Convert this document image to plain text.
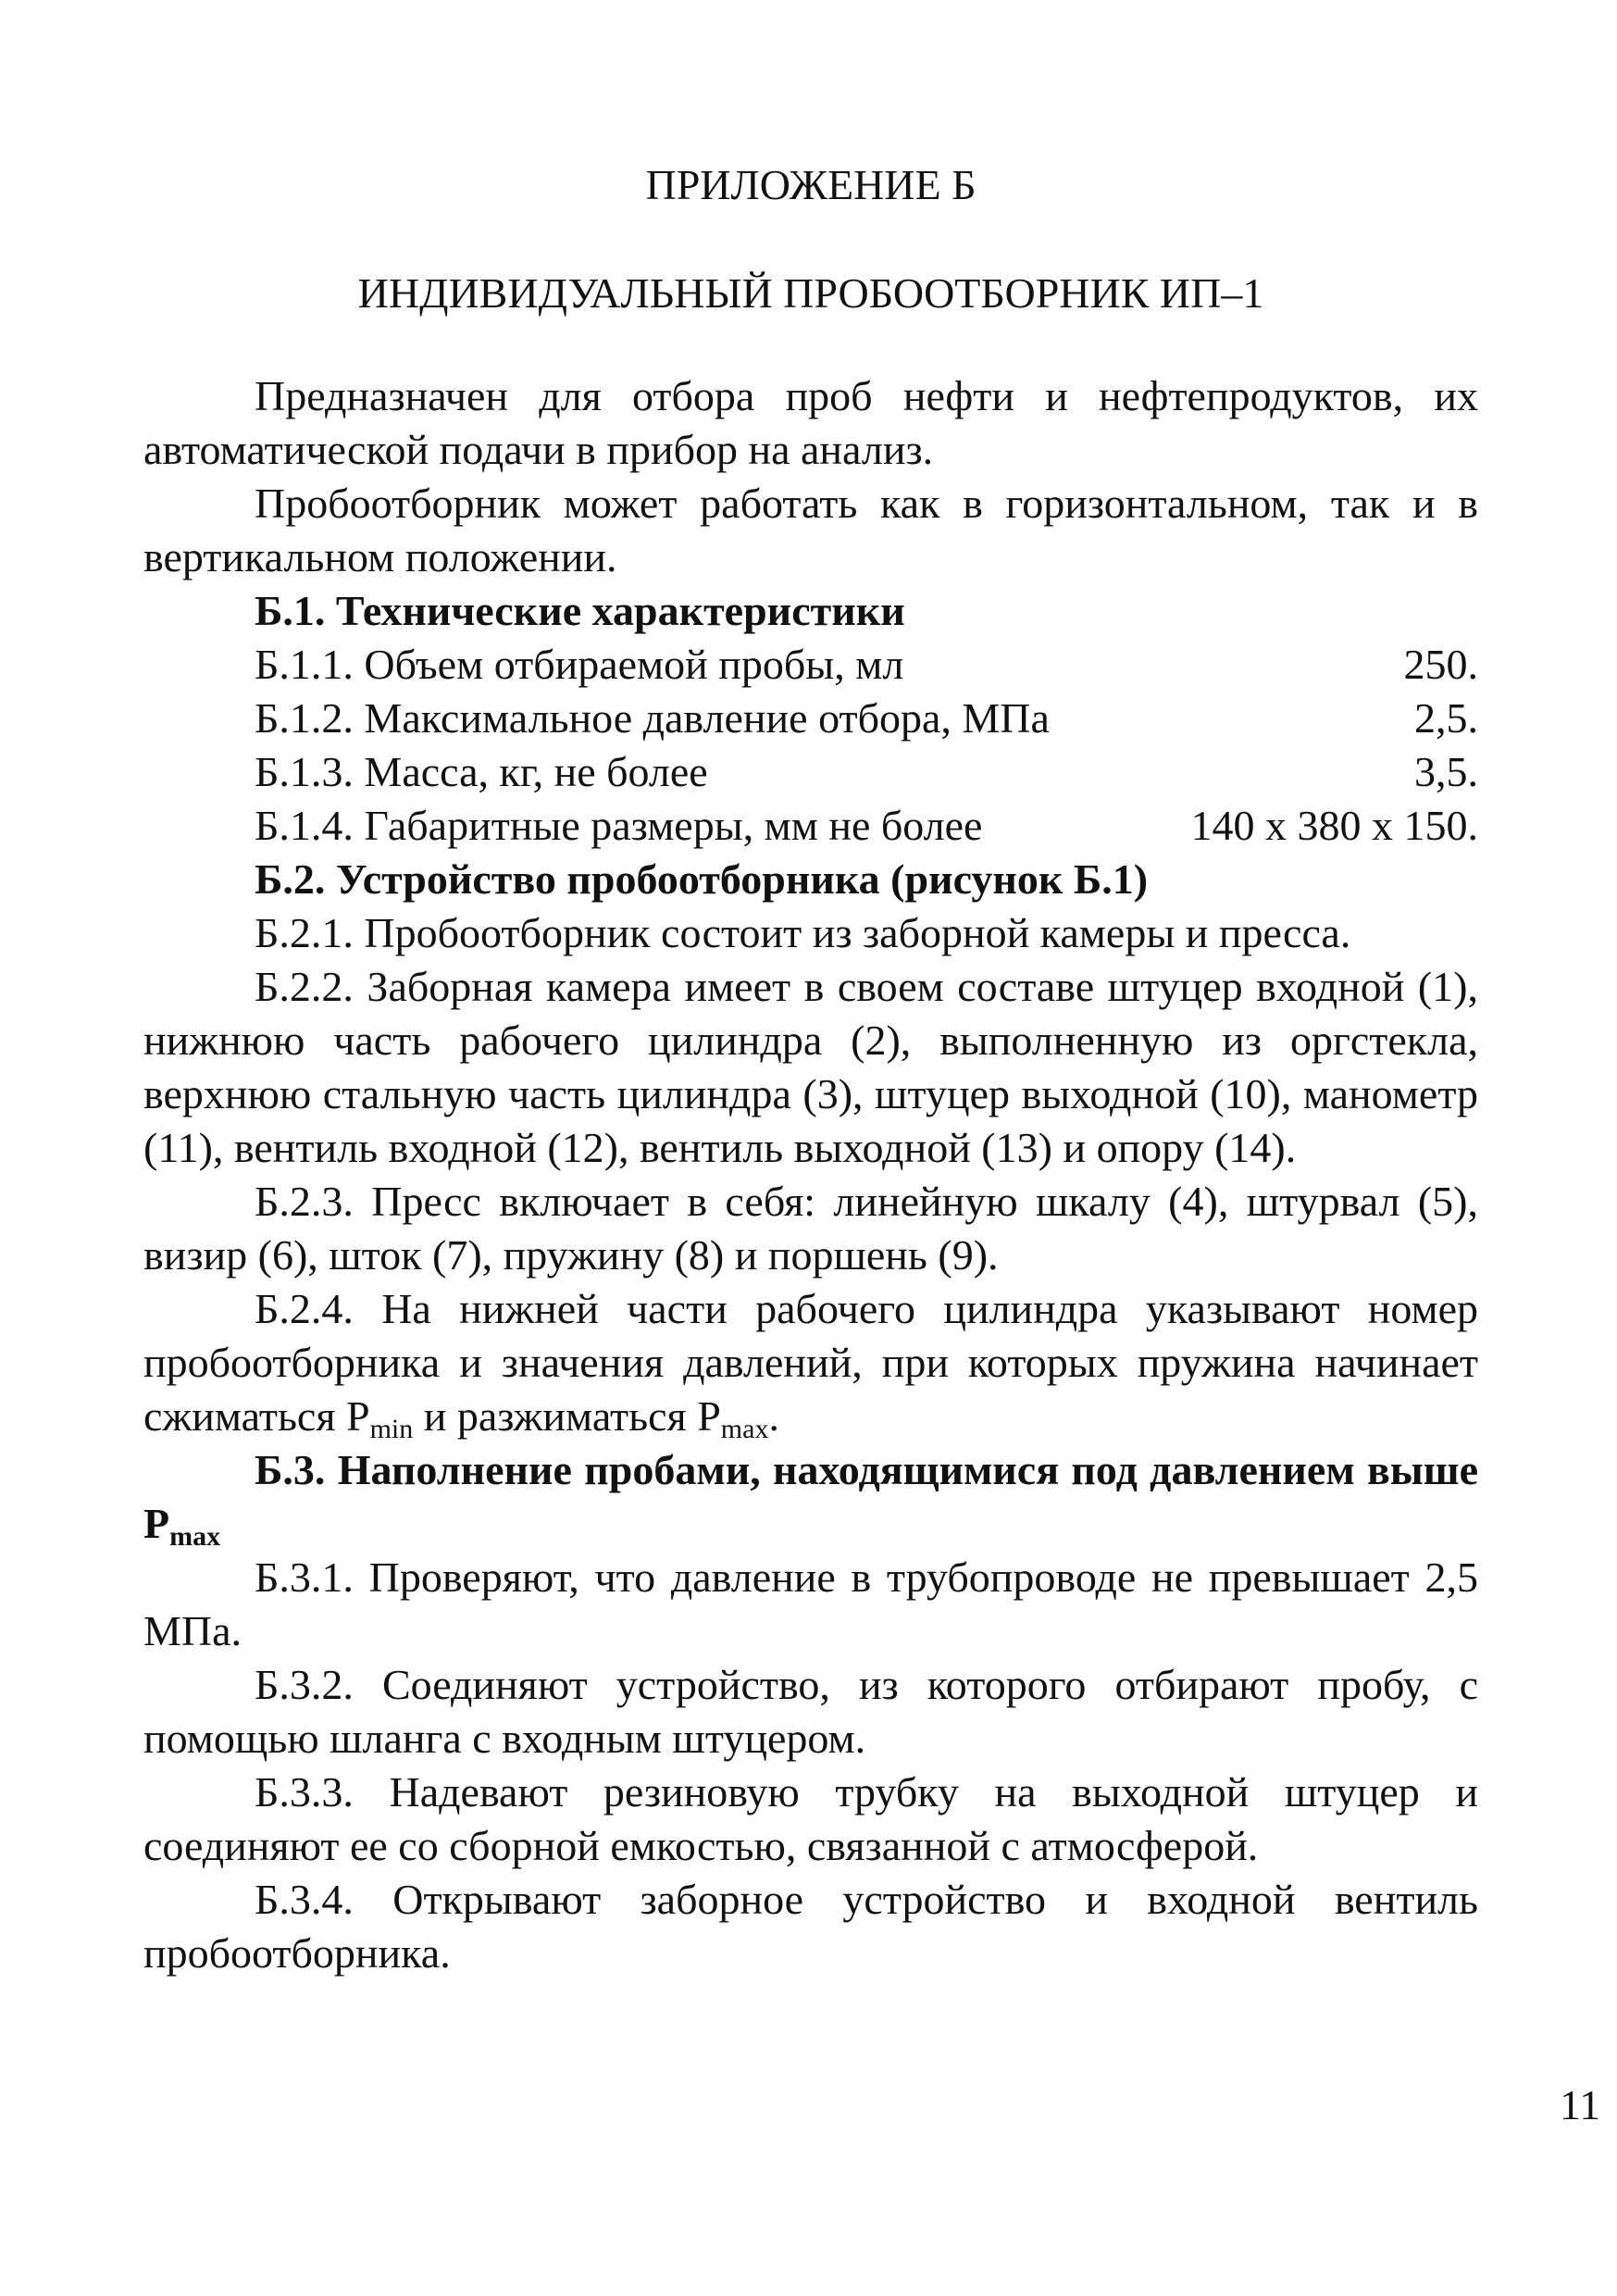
ПРИЛОЖЕНИЕ Б
ИНДИВИДУАЛЬНЫЙ ПРОБООТБОРНИК ИП–1

Предназначен для отбора проб нефти и нефтепродуктов, их автоматической подачи в прибор на анализ.

Пробоотборник может работать как в горизонтальном, так и в вертикальном положении.

Б.1. Технические характеристики

Б.1.1. Объем отбираемой пробы, мл	250.
Б.1.2. Максимальное давление отбора, МПа	2,5.
Б.1.3. Масса, кг, не более	3,5.
Б.1.4. Габаритные размеры, мм не более	140 х 380 х 150.

Б.2. Устройство пробоотборника (рисунок Б.1)

Б.2.1. Пробоотборник состоит из заборной камеры и пресса.

Б.2.2. Заборная камера имеет в своем составе штуцер входной (1), нижнюю часть рабочего цилиндра (2), выполненную из оргстекла, верхнюю стальную часть цилиндра (3), штуцер выходной (10), манометр (11), вентиль входной (12), вентиль выходной (13) и опору (14).

Б.2.3. Пресс включает в себя: линейную шкалу (4), штурвал (5), визир (6), шток (7), пружину (8) и поршень (9).

Б.2.4. На нижней части рабочего цилиндра указывают номер пробоотборника и значения давлений, при которых пружина начинает сжиматься $P_{min}$ и разжиматься $P_{max}$.

Б.3. Наполнение пробами, находящимися под давлением выше $P_{max}$

Б.3.1. Проверяют, что давление в трубопроводе не превышает 2,5 МПа.

Б.3.2. Соединяют устройство, из которого отбирают пробу, с помощью шланга с входным штуцером.

Б.3.3. Надевают резиновую трубку на выходной штуцер и соединяют ее со сборной емкостью, связанной с атмосферой.

Б.3.4. Открывают заборное устройство и входной вентиль пробоотборника.

11
